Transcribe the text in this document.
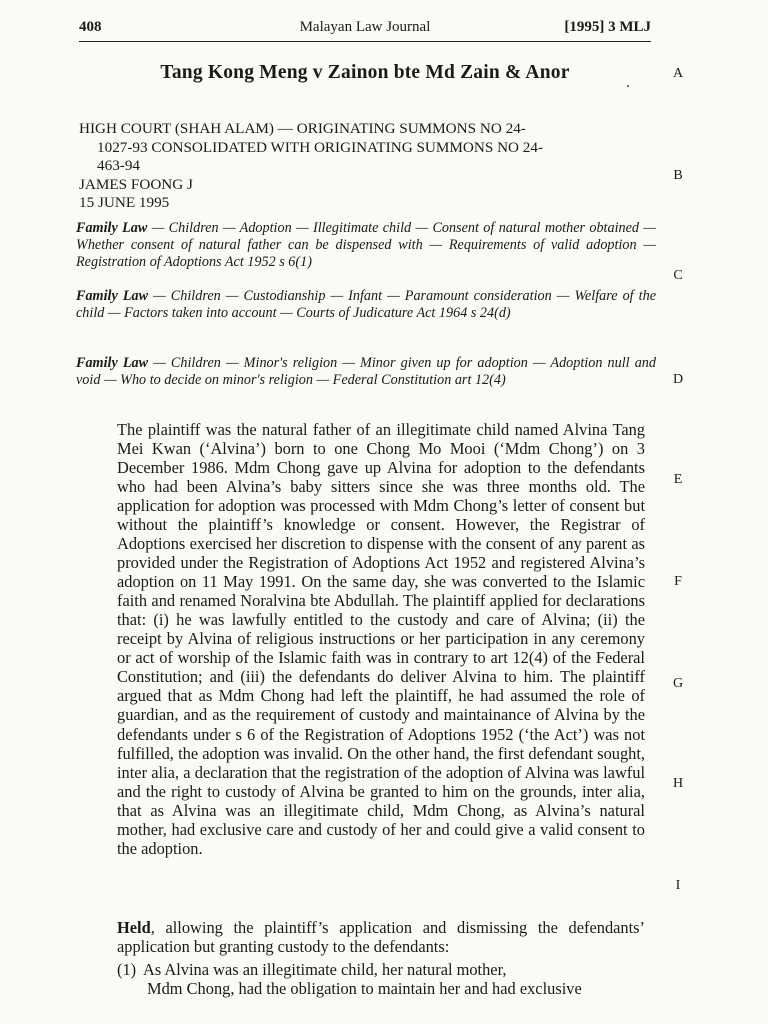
408	Malayan Law Journal	[1995] 3 MLJ
Tang Kong Meng v Zainon bte Md Zain & Anor	A
B
C
D
E
F
G
H
I
HIGH COURT (SHAH ALAM) — ORIGINATING SUMMONS NO 24-
1027-93 CONSOLIDATED WITH ORIGINATING SUMMONS NO 24-
463-94
JAMES FOONG J
15 JUNE 1995
Family Law — Children — Adoption — Illegitimate child — Consent of natural mother obtained — Whether consent of natural father can be dispensed with — Requirements of valid adoption — Registration of Adoptions Act 1952 s 6(1)
Family Law — Children — Custodianship — Infant — Paramount consideration — Welfare of the child — Factors taken into account — Courts of Judicature Act 1964 s 24(d)
Family Law — Children — Minor's religion — Minor given up for adoption — Adoption null and void — Who to decide on minor's religion — Federal Constitution art 12(4)
The plaintiff was the natural father of an illegitimate child named Alvina Tang Mei Kwan (‘Alvina’) born to one Chong Mo Mooi (‘Mdm Chong’) on 3 December 1986. Mdm Chong gave up Alvina for adoption to the defendants who had been Alvina’s baby sitters since she was three months old. The application for adoption was processed with Mdm Chong’s letter of consent but without the plaintiff’s knowledge or consent. However, the Registrar of Adoptions exercised her discretion to dispense with the consent of any parent as provided under the Registration of Adoptions Act 1952 and registered Alvina’s adoption on 11 May 1991. On the same day, she was converted to the Islamic faith and renamed Noralvina bte Abdullah. The plaintiff applied for declarations that: (i) he was lawfully entitled to the custody and care of Alvina; (ii) the receipt by Alvina of religious instructions or her participation in any ceremony or act of worship of the Islamic faith was in contrary to art 12(4) of the Federal Constitution; and (iii) the defendants do deliver Alvina to him. The plaintiff argued that as Mdm Chong had left the plaintiff, he had assumed the role of guardian, and as the requirement of custody and maintainance of Alvina by the defendants under s 6 of the Registration of Adoptions 1952 (‘the Act’) was not fulfilled, the adoption was invalid. On the other hand, the first defendant sought, inter alia, a declaration that the registration of the adoption of Alvina was lawful and the right to custody of Alvina be granted to him on the grounds, inter alia, that as Alvina was an illegitimate child, Mdm Chong, as Alvina’s natural mother, had exclusive care and custody of her and could give a valid consent to the adoption.
Held, allowing the plaintiff’s application and dismissing the defendants’ application but granting custody to the defendants:
(1) As Alvina was an illegitimate child, her natural mother,
Mdm Chong, had the obligation to maintain her and had exclusive
